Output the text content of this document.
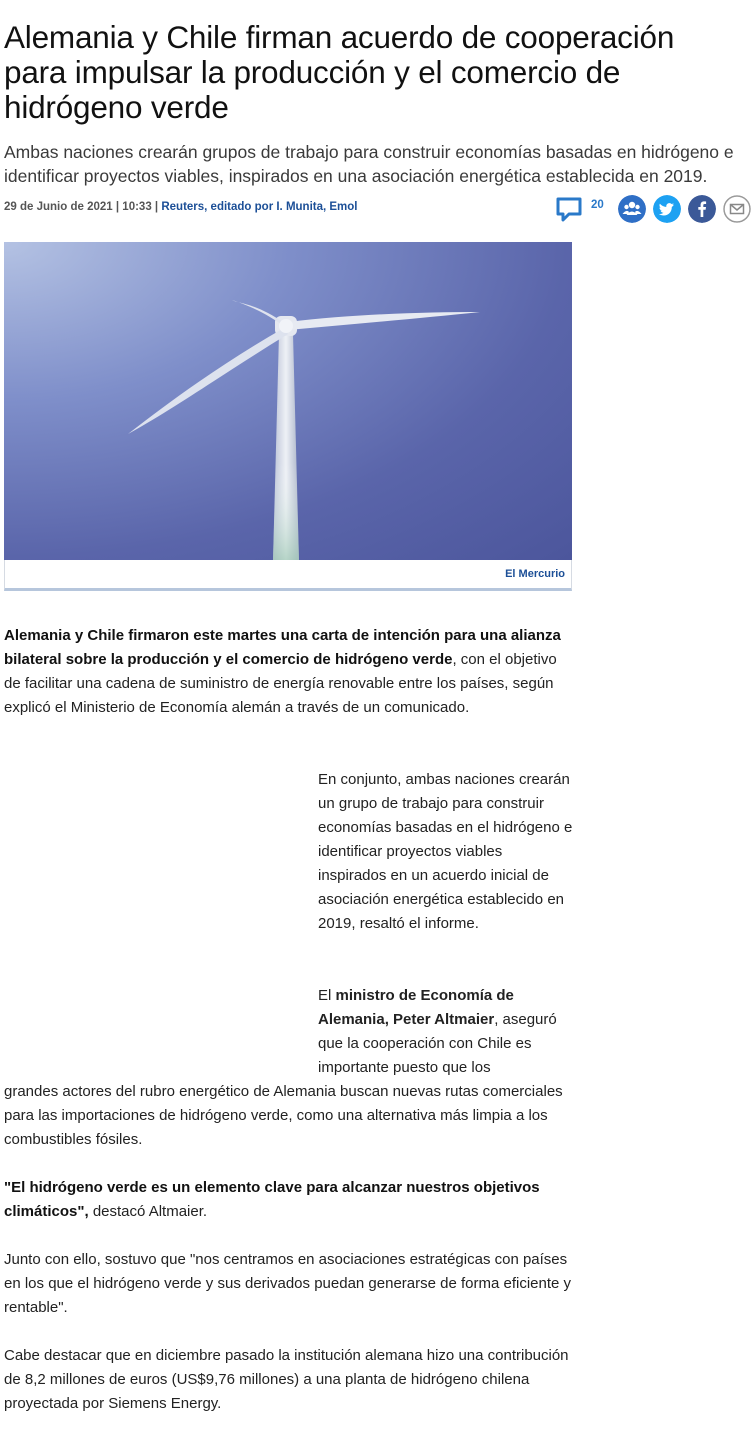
Alemania y Chile firman acuerdo de cooperación para impulsar la producción y el comercio de hidrógeno verde
Ambas naciones crearán grupos de trabajo para construir economías basadas en hidrógeno e identificar proyectos viables, inspirados en una asociación energética establecida en 2019.
29 de Junio de 2021 | 10:33 | Reuters, editado por I. Munita, Emol	20
El Mercurio
Alemania y Chile firmaron este martes una carta de intención para una alianza bilateral sobre la producción y el comercio de hidrógeno verde, con el objetivo de facilitar una cadena de suministro de energía renovable entre los países, según explicó el Ministerio de Economía alemán a través de un comunicado.
En conjunto, ambas naciones crearán un grupo de trabajo para construir economías basadas en el hidrógeno e identificar proyectos viables inspirados en un acuerdo inicial de asociación energética establecido en 2019, resaltó el informe.
El ministro de Economía de Alemania, Peter Altmaier, aseguró que la cooperación con Chile es importante puesto que los
grandes actores del rubro energético de Alemania buscan nuevas rutas comerciales para las importaciones de hidrógeno verde, como una alternativa más limpia a los combustibles fósiles.
"El hidrógeno verde es un elemento clave para alcanzar nuestros objetivos climáticos", destacó Altmaier.
Junto con ello, sostuvo que "nos centramos en asociaciones estratégicas con países en los que el hidrógeno verde y sus derivados puedan generarse de forma eficiente y rentable".
Cabe destacar que en diciembre pasado la institución alemana hizo una contribución de 8,2 millones de euros (US$9,76 millones) a una planta de hidrógeno chilena proyectada por Siemens Energy.
